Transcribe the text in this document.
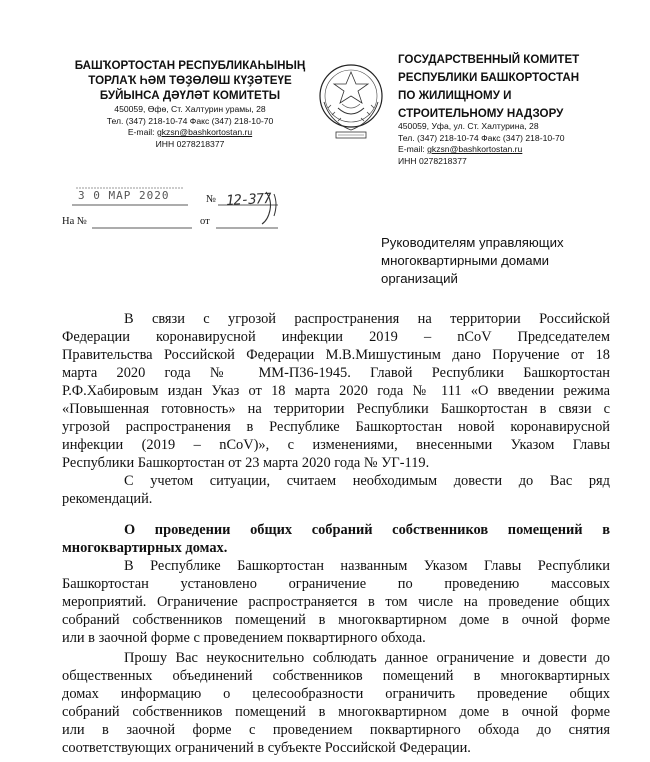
БАШҠОРТОСТАН РЕСПУБЛИКАҺЫНЫҢ
ТОРЛАҠ ҺӘМ ТӨҘӨЛӨШ КҮҘӘТЕҮЕ
БУЙЫНСА ДӘҮЛӘТ КОМИТЕТЫ
450059, Өфө, Ст. Халтурин урамы, 28
Тел. (347) 218-10-74 Факс (347) 218-10-70
E-mail: gkzsn@bashkortostan.ru
ИНН 0278218377
ГОСУДАРСТВЕННЫЙ КОМИТЕТ
РЕСПУБЛИКИ БАШКОРТОСТАН
ПО ЖИЛИЩНОМУ И
СТРОИТЕЛЬНОМУ НАДЗОРУ
450059, Уфа, ул. Ст. Халтурина, 28
Тел. (347) 218-10-74 Факс (347) 218-10-70
E-mail: gkzsn@bashkortostan.ru
ИНН 0278218377
3 0 МАР 2020	№ 12-377
На №	от
Руководителям управляющих
многоквартирными домами
организаций
В связи с угрозой распространения на территории Российской
Федерации коронавирусной инфекции 2019 – nCoV Председателем
Правительства Российской Федерации М.В.Мишустиным дано Поручение от 18
марта 2020 года № ММ-П36-1945. Главой Республики Башкортостан
Р.Ф.Хабировым издан Указ от 18 марта 2020 года № 111 «О введении режима
«Повышенная готовность» на территории Республики Башкортостан в связи с
угрозой распространения в Республике Башкортостан новой коронавирусной
инфекции (2019 – nCoV)», с изменениями, внесенными Указом Главы
Республики Башкортостан от 23 марта 2020 года № УГ-119.
С учетом ситуации, считаем необходимым довести до Вас ряд
рекомендаций.
О проведении общих собраний собственников помещений в
многоквартирных домах.
В Республике Башкортостан названным Указом Главы Республики
Башкортостан установлено ограничение по проведению массовых
мероприятий. Ограничение распространяется в том числе на проведение общих
собраний собственников помещений в многоквартирном доме в очной форме
или в заочной форме с проведением поквартирного обхода.
Прошу Вас неукоснительно соблюдать данное ограничение и довести до
общественных объединений собственников помещений в многоквартирных
домах информацию о целесообразности ограничить проведение общих
собраний собственников помещений в многоквартирном доме в очной форме
или в заочной форме с проведением поквартирного обхода до снятия
соответствующих ограничений в субъекте Российской Федерации.
